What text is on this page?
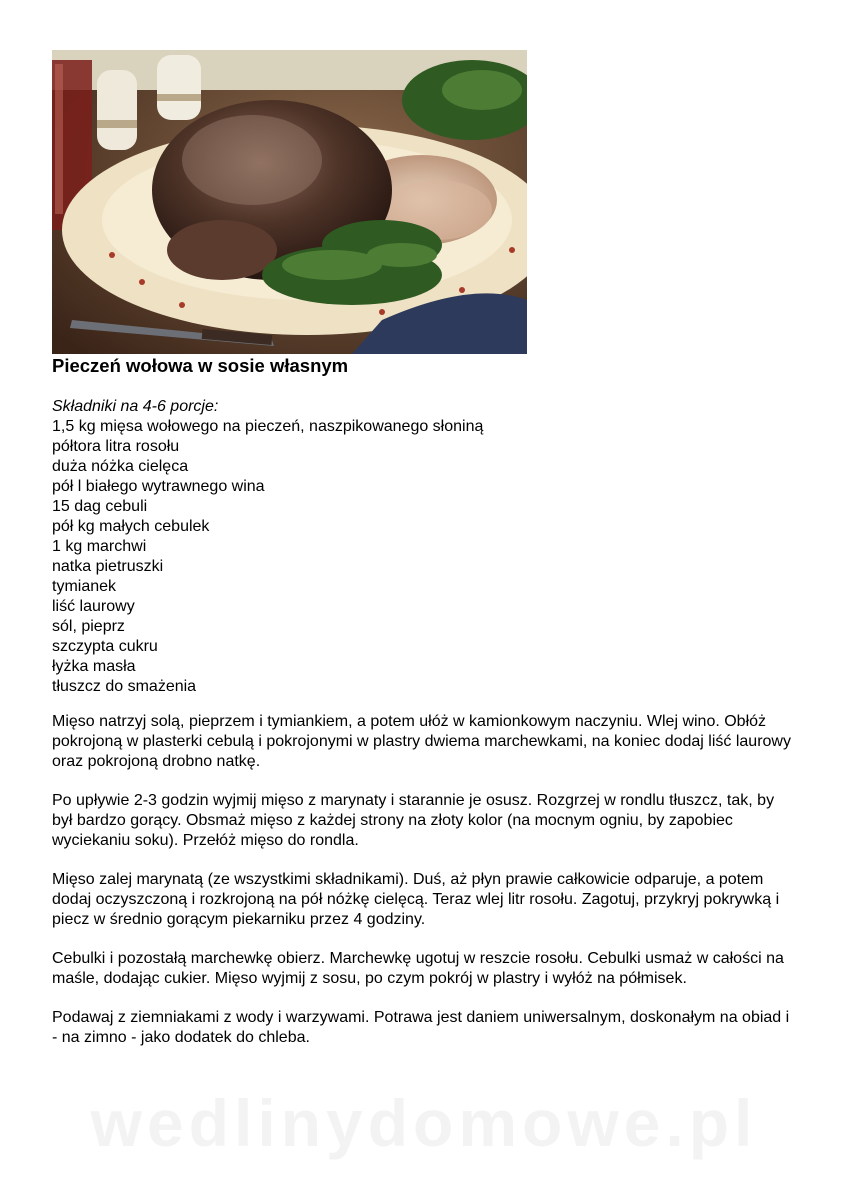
Pieczeń wołowa w sosie własnym
Składniki na 4-6 porcje:
1,5 kg mięsa wołowego na pieczeń, naszpikowanego słoniną
półtora litra rosołu
duża nóżka cielęca
pół l białego wytrawnego wina
15 dag cebuli
pół kg małych cebulek
1 kg marchwi
natka pietruszki
tymianek
liść laurowy
sól, pieprz
szczypta cukru
łyżka masła
tłuszcz do smażenia

Mięso natrzyj solą, pieprzem i tymiankiem, a potem ułóż w kamionkowym naczyniu. Wlej wino. Obłóż pokrojoną w plasterki cebulą i pokrojonymi w plastry dwiema marchewkami, na koniec dodaj liść laurowy oraz pokrojoną drobno natkę.

Po upływie 2-3 godzin wyjmij mięso z marynaty i starannie je osusz. Rozgrzej w rondlu tłuszcz, tak, by był bardzo gorący. Obsmaż mięso z każdej strony na złoty kolor (na mocnym ogniu, by zapobiec wyciekaniu soku). Przełóż mięso do rondla.

Mięso zalej marynatą (ze wszystkimi składnikami). Duś, aż płyn prawie całkowicie odparuje, a potem dodaj oczyszczoną i rozkrojoną na pół nóżkę cielęcą. Teraz wlej litr rosołu. Zagotuj, przykryj pokrywką i piecz w średnio gorącym piekarniku przez 4 godziny.

Cebulki i pozostałą marchewkę obierz. Marchewkę ugotuj w reszcie rosołu. Cebulki usmaż w całości na maśle, dodając cukier. Mięso wyjmij z sosu, po czym pokrój w plastry i wyłóż na półmisek.

Podawaj z ziemniakami z wody i warzywami. Potrawa jest daniem uniwersalnym, doskonałym na obiad i - na zimno - jako dodatek do chleba.

wedlinydomowe.pl
